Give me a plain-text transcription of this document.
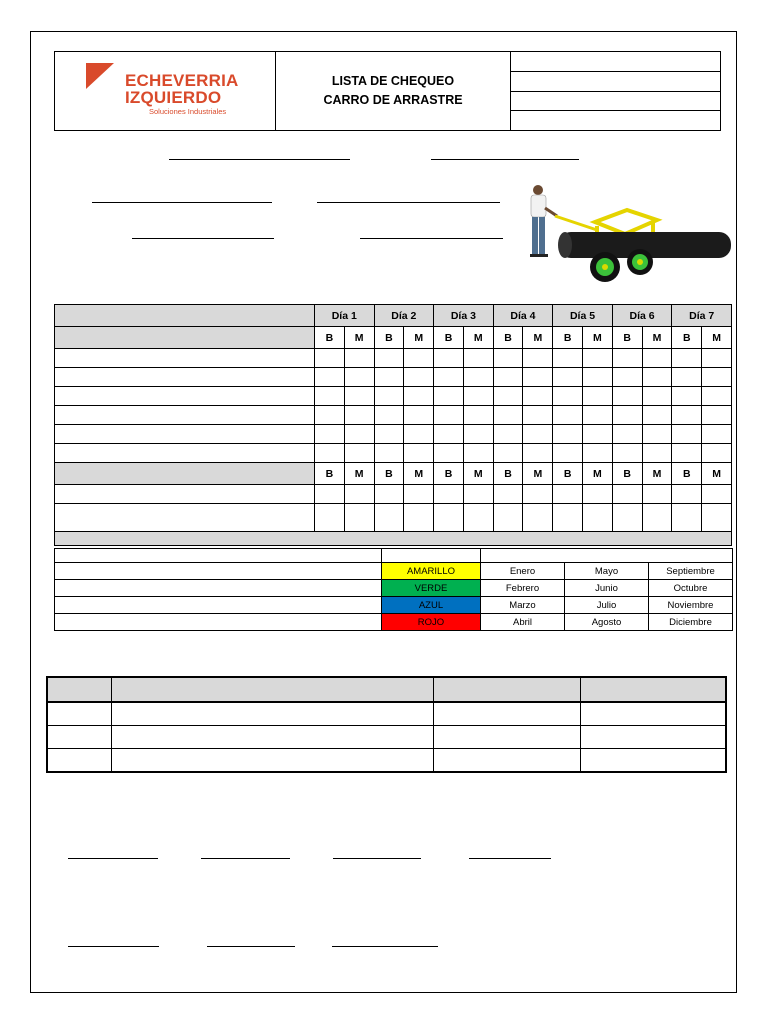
ECHEVERRIA
IZQUIERDO
Soluciones Industriales
LISTA DE CHEQUEO
CARRO DE ARRASTRE
	Día 1		Día 2		Día 3		Día 4		Día 5		Día 6		Día 7	
	B	M	B	M	B	M	B	M	B	M	B	M	B	M

	B	M	B	M	B	M	B	M	B	M	B	M	B	M

	AMARILLO	Enero	Mayo	Septiembre
	VERDE	Febrero	Junio	Octubre
	AZUL	Marzo	Julio	Noviembre
	ROJO	Abril	Agosto	Diciembre
